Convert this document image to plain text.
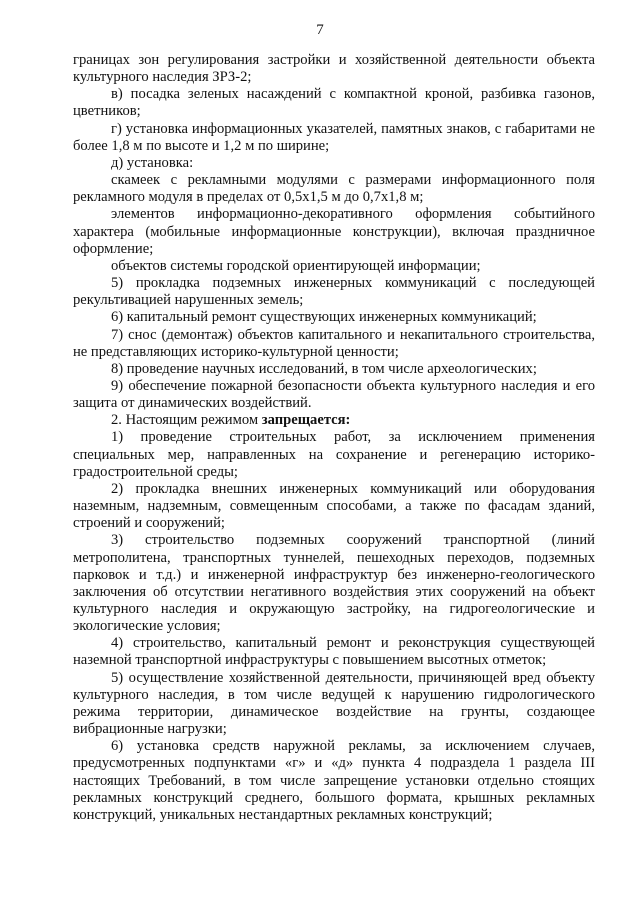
7

границах зон регулирования застройки и хозяйственной деятельности объекта культурного наследия ЗРЗ-2;

в) посадка зеленых насаждений с компактной кроной, разбивка газонов, цветников;

г) установка информационных указателей, памятных знаков, с габаритами не более 1,8 м по высоте и 1,2 м по ширине;

д) установка:

скамеек с рекламными модулями с размерами информационного поля рекламного модуля в пределах от 0,5х1,5 м до 0,7х1,8 м;

элементов информационно-декоративного оформления событийного характера (мобильные информационные конструкции), включая праздничное оформление;

объектов системы городской ориентирующей информации;

5) прокладка подземных инженерных коммуникаций с последующей рекультивацией нарушенных земель;

6) капитальный ремонт существующих инженерных коммуникаций;

7) снос (демонтаж) объектов капитального и некапитального строительства, не представляющих историко-культурной ценности;

8) проведение научных исследований, в том числе археологических;

9) обеспечение пожарной безопасности объекта культурного наследия и его защита от динамических воздействий.

2. Настоящим режимом запрещается:

1) проведение строительных работ, за исключением применения специальных мер, направленных на сохранение и регенерацию историко-градостроительной среды;

2) прокладка внешних инженерных коммуникаций или оборудования наземным, надземным, совмещенным способами, а также по фасадам зданий, строений и сооружений;

3) строительство подземных сооружений транспортной (линий метрополитена, транспортных туннелей, пешеходных переходов, подземных парковок и т.д.) и инженерной инфраструктур без инженерно-геологического заключения об отсутствии негативного воздействия этих сооружений на объект культурного наследия и окружающую застройку, на гидрогеологические и экологические условия;

4) строительство, капитальный ремонт и реконструкция существующей наземной транспортной инфраструктуры с повышением высотных отметок;

5) осуществление хозяйственной деятельности, причиняющей вред объекту культурного наследия, в том числе ведущей к нарушению гидрологического режима территории, динамическое воздействие на грунты, создающее вибрационные нагрузки;

6) установка средств наружной рекламы, за исключением случаев, предусмотренных подпунктами «г» и «д» пункта 4 подраздела 1 раздела III настоящих Требований, в том числе запрещение установки отдельно стоящих рекламных конструкций среднего, большого формата, крышных рекламных конструкций, уникальных нестандартных рекламных конструкций;
